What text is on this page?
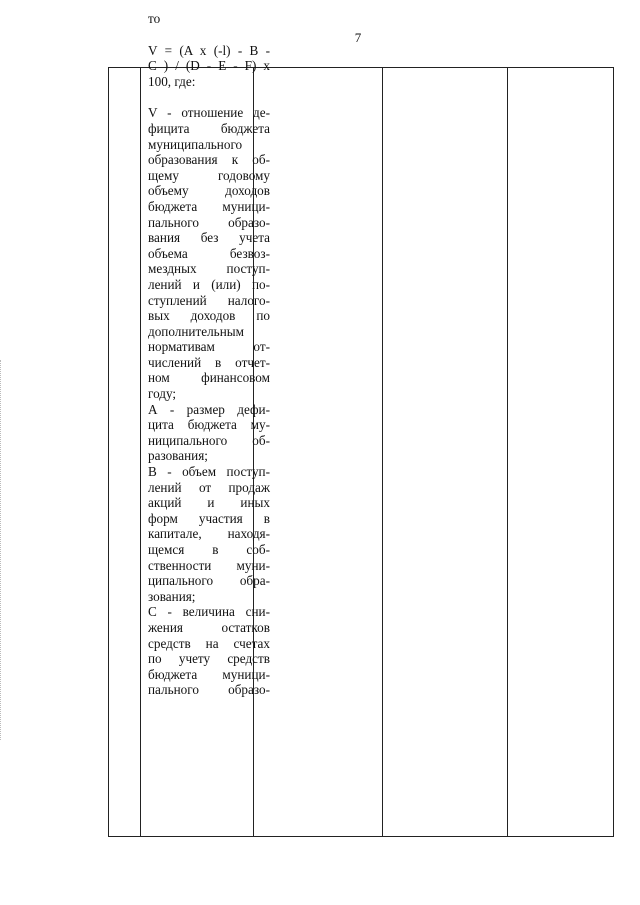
7

то

V = (A x (-l) - B -

C ) / (D - E - F) x

100, где:

V - отношение де-

фицита бюджета

муниципального

образования к об-

щему годовому

объему доходов

бюджета муници-

пального образо-

вания без учета

объема безвоз-

мездных поступ-

лений и (или) по-

ступлений налого-

вых доходов по

дополнительным

нормативам от-

числений в отчет-

ном финансовом

году;

А - размер дефи-

цита бюджета му-

ниципального об-

разования;

В - объем поступ-

лений от продаж

акций и иных

форм участия в

капитале, находя-

щемся в соб-

ственности муни-

ципального обра-

зования;

С - величина сни-

жения остатков

средств на счетах

по учету средств

бюджета муници-

пального образо-
